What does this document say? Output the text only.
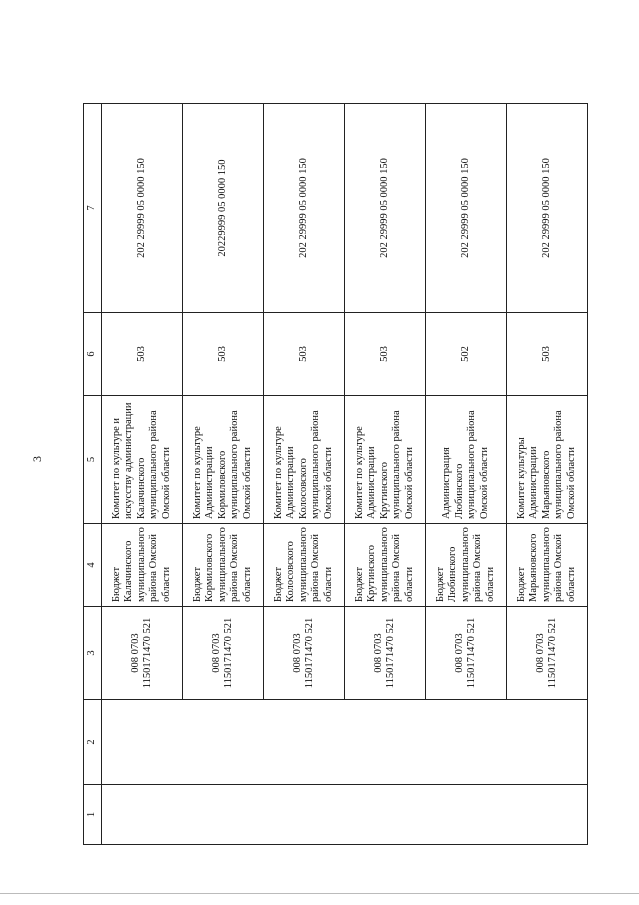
3
1	2	3	4	5	6	7
		008 0703 1150171470 521	Бюджет Калачинского муниципального района Омской области	Комитет по культуре и искусству администрации Калачинского муниципального района Омской области	503	202 29999 05 0000 150
		008 0703 1150171470 521	Бюджет Кормиловского муниципального района Омской области	Комитет по культуре Администрации Кормиловского муниципального района Омской области	503	20229999 05 0000 150
		008 0703 1150171470 521	Бюджет Колосовского муниципального района Омской области	Комитет по культуре Администрации Колосовского муниципального района Омской области	503	202 29999 05 0000 150
		008 0703 1150171470 521	Бюджет Крутинского муниципального района Омской области	Комитет по культуре Администрации Крутинского муниципального района Омской области	503	202 29999 05 0000 150
		008 0703 1150171470 521	Бюджет Любинского муниципального района Омской области	Администрация Любинского муниципального района Омской области	502	202 29999 05 0000 150
		008 0703 1150171470 521	Бюджет Марьяновского муниципального района Омской области	Комитет культуры Администрации Марьяновского муниципального района Омской области	503	202 29999 05 0000 150
